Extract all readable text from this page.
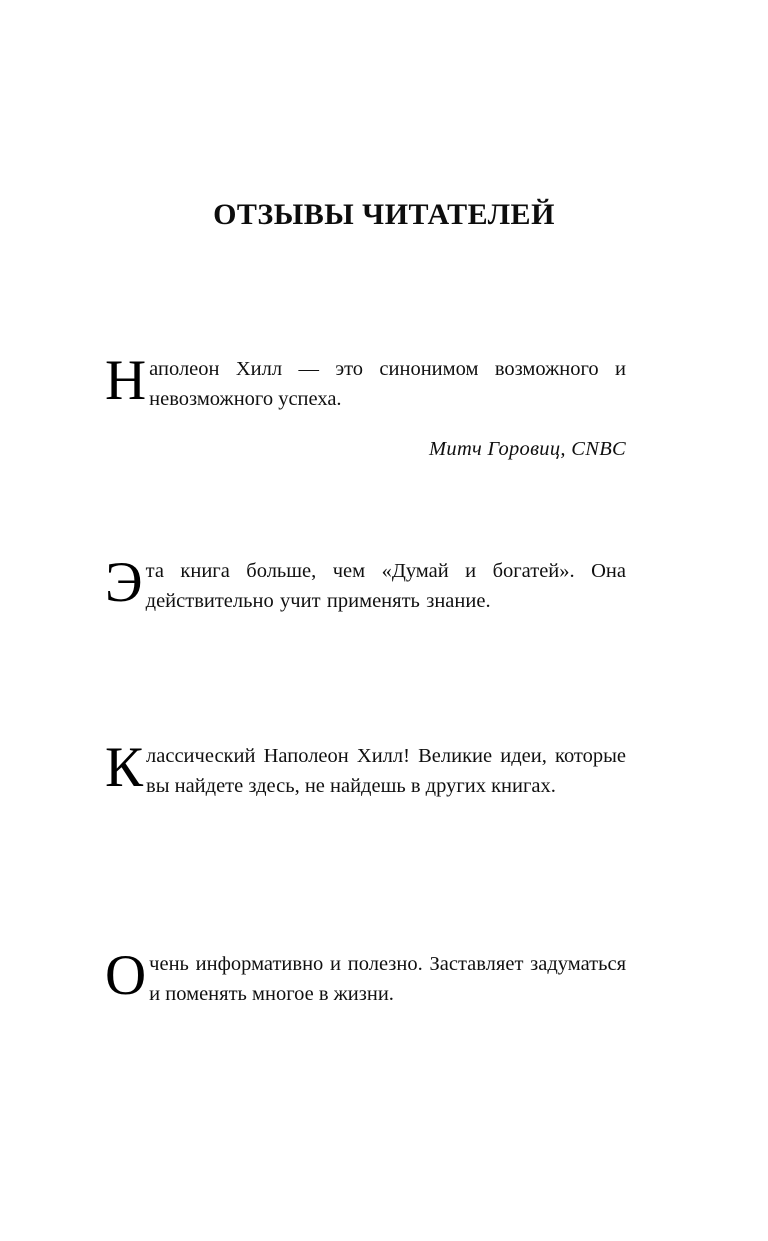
ОТЗЫВЫ ЧИТАТЕЛЕЙ

Наполеон Хилл — это синонимом возможного и невозможного успеха.

Митч Горовиц, CNBC

Эта книга больше, чем «Думай и богатей». Она действительно учит применять знание.

Классический Наполеон Хилл! Великие идеи, которые вы найдете здесь, не найдешь в других книгах.

Очень информативно и полезно. Заставляет задуматься и поменять многое в жизни.
